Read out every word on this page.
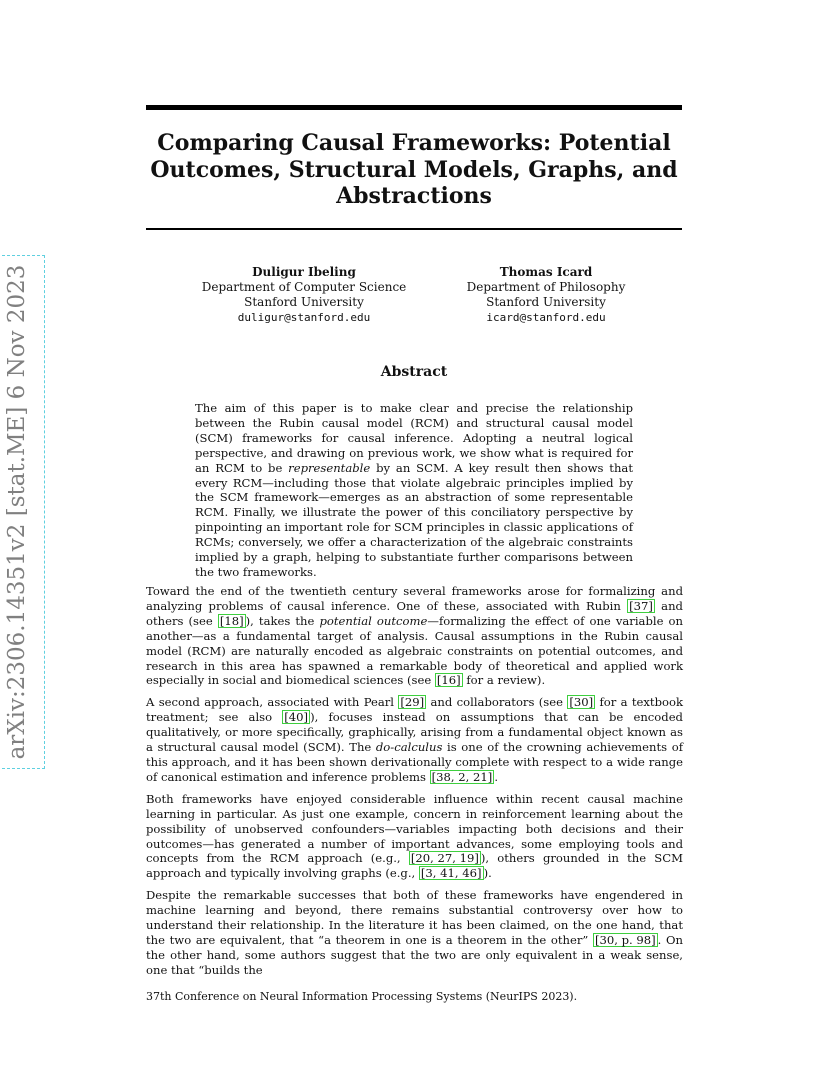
Comparing Causal Frameworks: Potential
Outcomes, Structural Models, Graphs, and
Abstractions
Duligur Ibeling
Department of Computer Science
Stanford University
duligur@stanford.edu
Thomas Icard
Department of Philosophy
Stanford University
icard@stanford.edu
Abstract

The aim of this paper is to make clear and precise the relationship between the Rubin causal model (RCM) and structural causal model (SCM) frameworks for causal inference. Adopting a neutral logical perspective, and drawing on previous work, we show what is required for an RCM to be representable by an SCM. A key result then shows that every RCM—including those that violate algebraic principles implied by the SCM framework—emerges as an abstraction of some representable RCM. Finally, we illustrate the power of this conciliatory perspective by pinpointing an important role for SCM principles in classic applications of RCMs; conversely, we offer a characterization of the algebraic constraints implied by a graph, helping to substantiate further comparisons between the two frameworks.

Toward the end of the twentieth century several frameworks arose for formalizing and analyzing problems of causal inference. One of these, associated with Rubin [37] and others (see [18] ), takes the potential outcome—formalizing the effect of one variable on another—as a fundamental target of analysis. Causal assumptions in the Rubin causal model (RCM) are naturally encoded as algebraic constraints on potential outcomes, and research in this area has spawned a remarkable body of theoretical and applied work especially in social and biomedical sciences (see [16] for a review).

A second approach, associated with Pearl [29] and collaborators (see [30] for a textbook treatment; see also [40] ), focuses instead on assumptions that can be encoded qualitatively, or more specifically, graphically, arising from a fundamental object known as a structural causal model (SCM). The do-calculus is one of the crowning achievements of this approach, and it has been shown derivationally complete with respect to a wide range of canonical estimation and inference problems [38, 2, 21] .

Both frameworks have enjoyed considerable influence within recent causal machine learning in particular. As just one example, concern in reinforcement learning about the possibility of unobserved confounders—variables impacting both decisions and their outcomes—has generated a number of important advances, some employing tools and concepts from the RCM approach (e.g., [20, 27, 19] ), others grounded in the SCM approach and typically involving graphs (e.g., [3, 41, 46] ).

Despite the remarkable successes that both of these frameworks have engendered in machine learning and beyond, there remains substantial controversy over how to understand their relationship. In the literature it has been claimed, on the one hand, that the two are equivalent, that “a theorem in one is a theorem in the other” [30, p. 98] . On the other hand, some authors suggest that the two are only equivalent in a weak sense, one that “builds the

37th Conference on Neural Information Processing Systems (NeurIPS 2023).
arXiv:2306.14351v2 [stat.ME] 6 Nov 2023
